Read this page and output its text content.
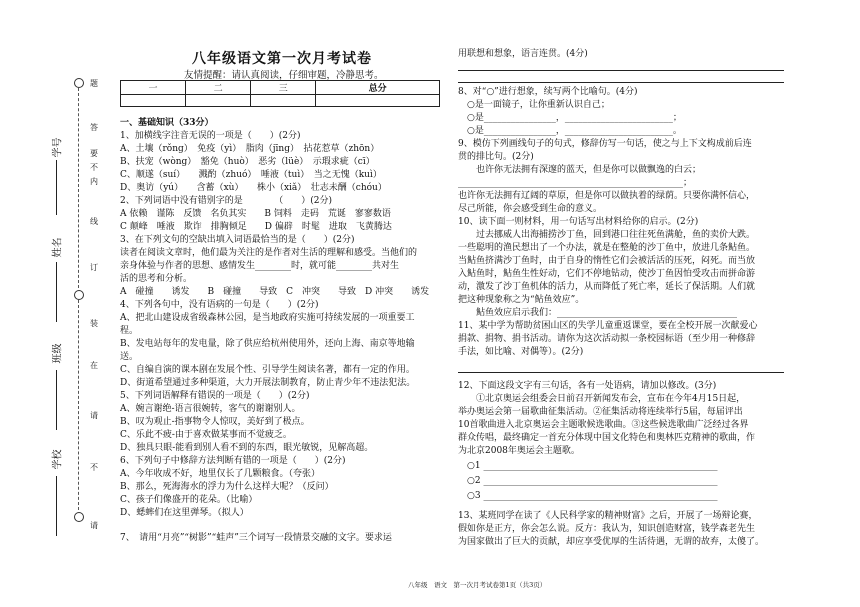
学号
姓名
班级
学校
题
答
要
不
内
线
订
装
在
请
不
请
八年级语文第一次月考试卷
友情提醒：请认真阅读，仔细审题，冷静思考。
一	二	三	总分

一、基础知识（33分）
1、加横线字注音无误的一项是（　　）(2分)
A、土壤（rǒng）　免疫（yì）　脂肉（jīng）　拈花惹草（zhōn）
B、扶宠（wòng）　豁免（huò）　恶劣（lüè）　示瑕求疵（cī）
C、顺遂（suí）　　溅酌（zhuó）　唾液（tuì）　当之无愧（kuì）
D、奥访（yú）　　含蓄（xù）　　株小（xiǎ）　壮志未酬（chóu）
2、下列词语中没有错别字的是　　　　（　　）(2分)
A 依赖　谨陈　反馈　名负其实　　B 饲料　走码　荒诞　寥寥数语
C 颠峰　唾液　欺诈　排胸倾足　　D 偏辟　时髦　进取　飞黄腾达
3、在下列文句的空缺出填入词语最恰当的是（　　）(2分)
读者在阅读文章时，他们最为关注的是作者对生活的理解和感受。当他们的
亲身体验与作者的思想、感情发生________时，就可能________共对生
活的思考和分析。
A　碰撞　　诱发　　B　碰撞　　导致　C　冲突　　导致　D 冲突　　诱发
4、下列各句中，没有语病的一句是（　　）(2分)
A、把北山建设成省级森林公园，是当地政府实施可持续发展的一项重要工
程。
B、发电站每年的发电量，除了供应给杭州使用外，还向上海、南京等地输
送。
C、自编自演的课本剧在发展个性、引导学生阅读名著，都有一定的作用。
D、街道希望通过多种渠道，大力开展法制教育，防止青少年不违法犯法。
5、下列词语解释有错误的一项是（　　）(2分)
A、婉言谢绝-语言很婉转，客气的谢谢别人。
B、叹为观止-指事物令人惊叹，美好到了极点。
C、乐此不疲-由于喜欢做某事而不觉疲乏。
D、独具只眼-能看到别人看不到的东西，眼光敏锐，见解高超。
6、下列句子中修辞方法判断有错的一项是（　　）(2分)
A、今年收成不好，地里仅长了几颗粮食。（夸张）
B、那么，死海海水的浮力为什么这样大呢？（反问）
C、孩子们像盛开的花朵。（比喻）
D、蟋蟀们在这里弹琴。（拟人）
7、　请用“月亮”“树影”“蛙声”三个词写一段情景交融的文字。要求运
用联想和想象，语言连贯。(4分)
8、对“○”进行想象，续写两个比喻句。(4分)
　○是一面镜子，让你重新认识自己；
　○是________________，________________________；
　○是________________，________________________。
9、模仿下列画线句子的句式，修辞仿写一句话，使之与上下文构成前后连
贯的排比句。(2分)
　　也许你无法拥有深邃的蓝天，但是你可以做飘逸的白云；
__________________________________________________；
也许你无法拥有辽阔的草原，但是你可以做执着的绿荫。只要你满怀信心，
尽己所能，你会感受到生命的意义。
10、读下面一则材料，用一句话写出材料给你的启示。(2分)
　　过去挪威人出海捕捞沙丁鱼，回到港口往往死鱼满舱，鱼的卖价大跌。
一些聪明的渔民想出了一个办法，就是在整舱的沙丁鱼中，放进几条鲇鱼。
当鲇鱼挤满沙丁鱼时，由于自身的惰性它们会被活活的压死，闷死。而当放
入鲇鱼时，鲇鱼生性好动，它们不停地钻动，使沙丁鱼因怕受攻击而拼命游
动，激发了沙丁鱼机体的活力，从而降低了死亡率，延长了保活期。人们就
把这种现象称之为“鲇鱼效应”。
　　鲇鱼效应启示我们：________________________________________
11、某中学为帮助贫困山区的失学儿童重返课堂，要在全校开展一次献爱心
捐款、捐物、捐书活动。请你为这次活动拟一条校园标语（至少用一种修辞
手法，如比喻、对偶等）。(2分)
12、下面这段文字有三句话，各有一处语病，请加以修改。(3分)
　　①北京奥运会组委会日前召开新闻发布会，宣布在今年4月15日起，
举办奥运会第一届歌曲征集活动。②征集活动将连续举行5届，每届评出
10首歌曲进入北京奥运会主题歌候选歌曲。③这些候选歌曲广泛经过各界
群众传唱，最终确定一首充分体现中国文化特色和奥林匹克精神的歌曲，作
为北京2008年奥运会主题歌。
　○1 ____________________________________________________
　○2 ____________________________________________________
　○3 ____________________________________________________
13、某班同学在读了《人民科学家的精神财富》之后，开展了一场辩论赛，
假如你是正方，你会怎么说。反方：我认为，知识创造财富，钱学森老先生
为国家做出了巨大的贡献，却应享受优厚的生活待遇，无谓的故弃，太傻了。
八年级　语文　第一次月考试卷第1页（共3页）
